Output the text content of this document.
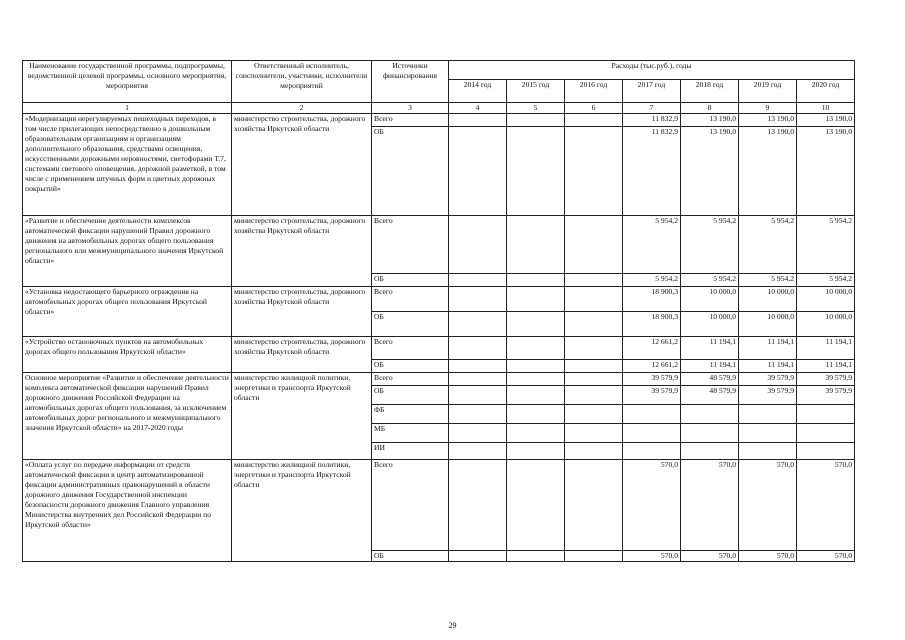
Наименование государственной программы, подпрограммы, ведомственной целевой программы, основного мероприятия, мероприятия	Ответственный исполнитель, соисполнители, участники, исполнители мероприятий	Источники финансирования	Расходы (тыс.руб.), годы						
			2014 год	2015 год	2016 год	2017 год	2018 год	2019 год	2020 год
1	2	3	4	5	6	7	8	9	10
«Модернизация нерегулируемых пешеходных переходов, в том числе прилегающих непосредственно к дошкольным образовательным организациям и организациям дополнительного образования, средствами освещения, искусственными дорожными неровностями, светофорами Т.7, системами светового оповещения, дорожной разметкой, в том числе с применением штучных форм и цветных дорожных покрытий»	министерство строительства, дорожного хозяйства Иркутской области	Всего				11 832,9	13 190,0	13 190,0	13 190,0
		ОБ				11 832,9	13 190,0	13 190,0	13 190,0
«Развитие и обеспечение деятельности комплексов автоматической фиксации нарушений Правил дорожного движения на автомобильных дорогах общего пользования регионального или межмуниципального значения Иркутской области»	министерство строительства, дорожного хозяйства Иркутской области	Всего				5 954,2	5 954,2	5 954,2	5 954,2
		ОБ				5 954,2	5 954,2	5 954,2	5 954,2
«Установка недостающего барьерного ограждения на автомобильных дорогах общего пользования Иркутской области»	министерство строительства, дорожного хозяйства Иркутской области	Всего				18 900,3	10 000,0	10 000,0	10 000,0
		ОБ				18 900,3	10 000,0	10 000,0	10 000,0
«Устройство остановочных пунктов на автомобильных дорогах общего пользования Иркутской области»	министерство строительства, дорожного хозяйства Иркутской области	Всего				12 661,2	11 194,1	11 194,1	11 194,1
		ОБ				12 661,2	11 194,1	11 194,1	11 194,1
Основное мероприятие «Развитие и обеспечение деятельности комплекса автоматической фиксации нарушений Правил дорожного движения Российской Федерации на автомобильных дорогах общего пользования, за исключением автомобильных дорог регионального и межмуниципального значения Иркутской области» на 2017-2020 годы	министерство жилищной политики, энергетики и транспорта Иркутской области	Всего				39 579,9	48 579,9	39 579,9	39 579,9
		ОБ				39 579,9	48 579,9	39 579,9	39 579,9
		ФБ							
		МБ							
		ИИ							
«Оплата услуг по передаче информации от средств автоматической фиксации в центр автоматизированной фиксации административных правонарушений в области дорожного движения Государственной инспекции безопасности дорожного движения Главного управления Министерства внутренних дел Российской Федерации по Иркутской области»	министерство жилищной политики, энергетики и транспорта Иркутской области	Всего				570,0	570,0	570,0	570,0
		ОБ				570,0	570,0	570,0	570,0
29
